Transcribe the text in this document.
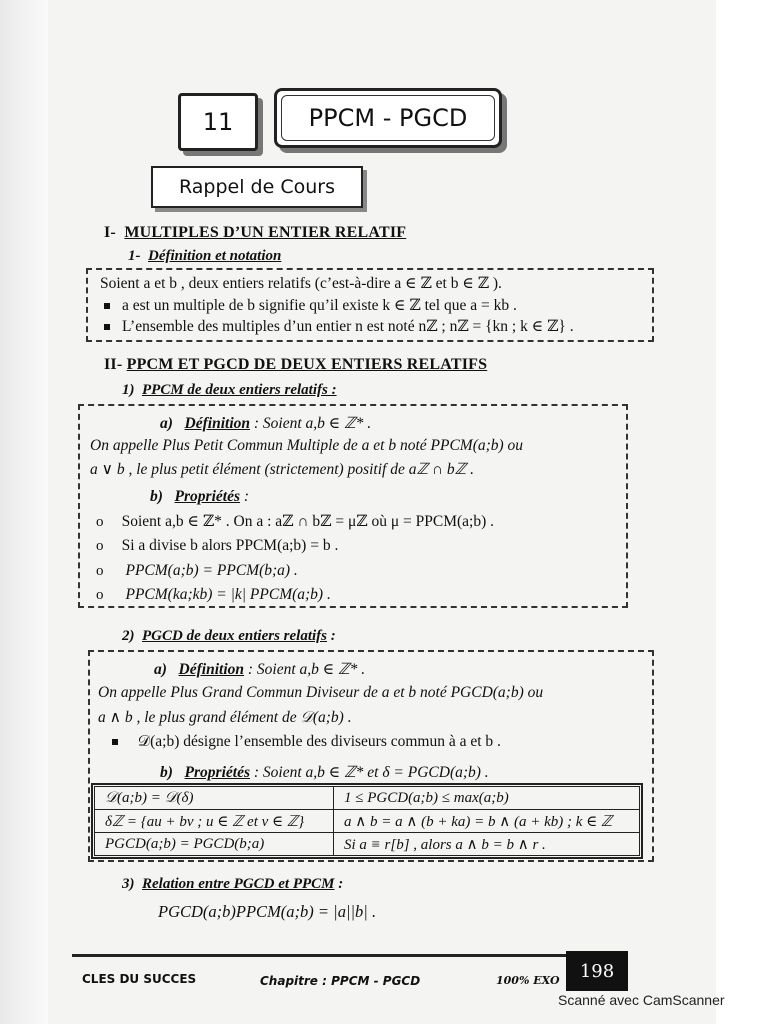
11	PPCM - PGCD
Rappel de Cours
I- MULTIPLES D’UN ENTIER RELATIF
1- Définition et notation
Soient a et b , deux entiers relatifs (c’est-à-dire a ∈ ℤ et b ∈ ℤ ).
a est un multiple de b signifie qu’il existe k ∈ ℤ tel que a = kb .
L’ensemble des multiples d’un entier n est noté nℤ ; nℤ = {kn ; k ∈ ℤ} .
II- PPCM ET PGCD DE DEUX ENTIERS RELATIFS
1) PPCM de deux entiers relatifs :
a) Définition : Soient a,b ∈ ℤ* .
On appelle Plus Petit Commun Multiple de a et b noté PPCM(a;b) ou
a ∨ b , le plus petit élément (strictement) positif de aℤ ∩ bℤ .
b) Propriétés :
o Soient a,b ∈ ℤ* . On a : aℤ ∩ bℤ = μℤ où μ = PPCM(a;b) .
o Si a divise b alors PPCM(a;b) = b .
o PPCM(a;b) = PPCM(b;a) .
o PPCM(ka;kb) = |k| PPCM(a;b) .
2) PGCD de deux entiers relatifs :
a) Définition : Soient a,b ∈ ℤ* .
On appelle Plus Grand Commun Diviseur de a et b noté PGCD(a;b) ou
a ∧ b , le plus grand élément de 𝒟(a;b) .
𝒟(a;b) désigne l’ensemble des diviseurs commun à a et b .
b) Propriétés : Soient a,b ∈ ℤ* et δ = PGCD(a;b) .
𝒟(a;b) = 𝒟(δ)	1 ≤ PGCD(a;b) ≤ max(a;b)
δℤ = {au + bv ; u ∈ ℤ et v ∈ ℤ}	a ∧ b = a ∧ (b + ka) = b ∧ (a + kb) ; k ∈ ℤ
PGCD(a;b) = PGCD(b;a)	Si a ≡ r[b] , alors a ∧ b = b ∧ r .
3) Relation entre PGCD et PPCM :
PGCD(a;b)PPCM(a;b) = |a||b| .
CLES DU SUCCES	Chapitre : PPCM - PGCD	100% EXO 198
Scanné avec CamScanner
